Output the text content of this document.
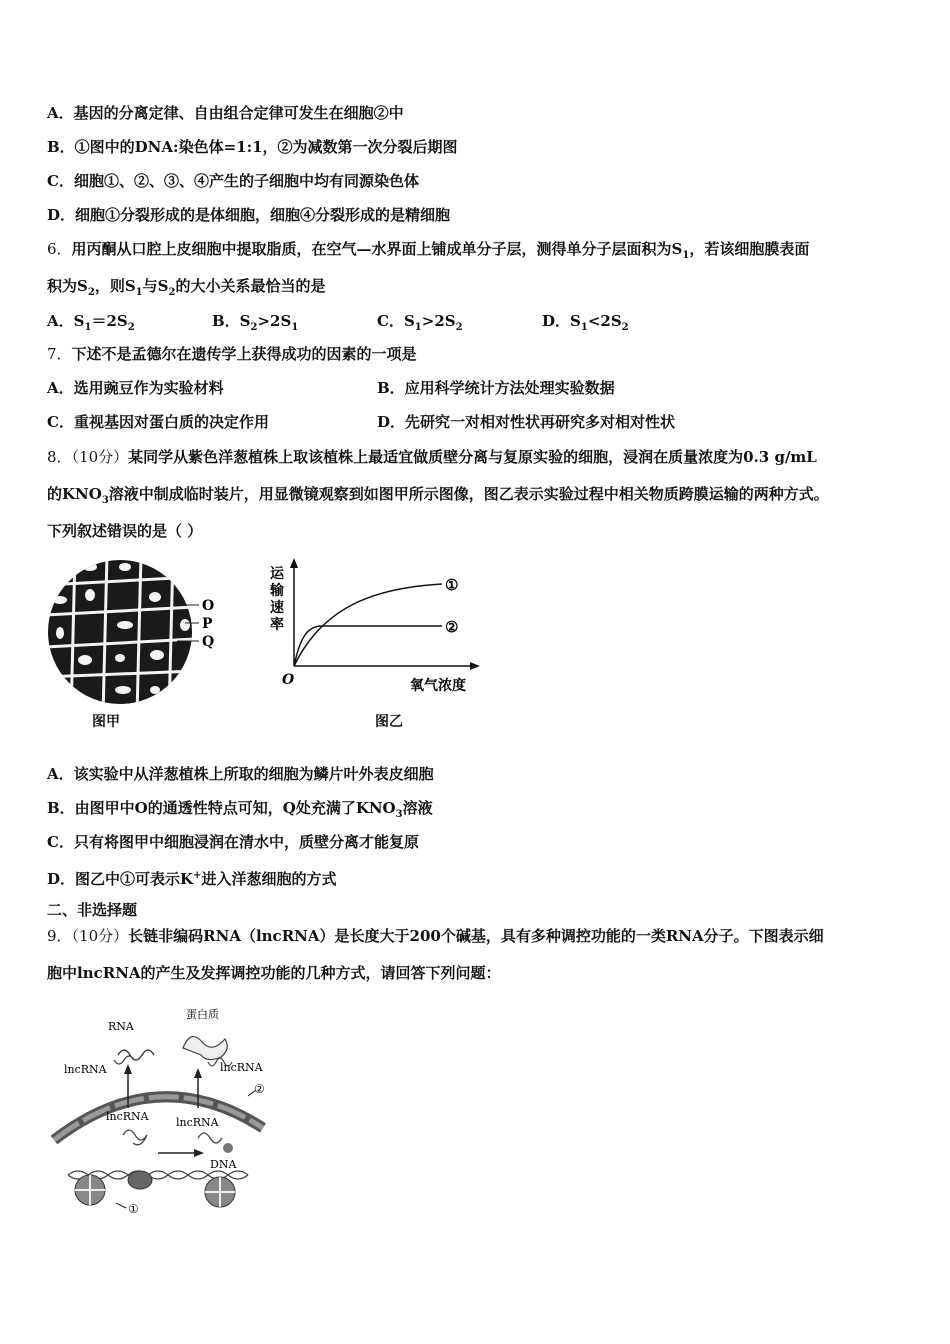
A．基因的分离定律、自由组合定律可发生在细胞②中
B．①图中的DNA:染色体=1:1，②为减数第一次分裂后期图
C．细胞①、②、③、④产生的子细胞中均有同源染色体
D．细胞①分裂形成的是体细胞，细胞④分裂形成的是精细胞
6．用丙酮从口腔上皮细胞中提取脂质，在空气—水界面上铺成单分子层，测得单分子层面积为$S_1$，若该细胞膜表面
积为$S_2$，则$S_1$与$S_2$的大小关系最恰当的是
A．$S_1=2S_2$	B．$S_2>2S_1$	C．$S_1>2S_2$	D．$S_1<2S_2$
7．下述不是孟德尔在遗传学上获得成功的因素的一项是
A．选用豌豆作为实验材料	B．应用科学统计方法处理实验数据
C．重视基因对蛋白质的决定作用	D．先研究一对相对性状再研究多对相对性状
8．（10分）某同学从紫色洋葱植株上取该植株上最适宜做质壁分离与复原实验的细胞，浸润在质量浓度为0.3 g/mL
的$KNO_3$溶液中制成临时装片，用显微镜观察到如图甲所示图像，图乙表示实验过程中相关物质跨膜运输的两种方式。
下列叙述错误的是（ ）
O
P
Q
图甲
运
输
速
率
①
②
O	氧气浓度
图乙
A．该实验中从洋葱植株上所取的细胞为鳞片叶外表皮细胞
B．由图甲中O的通透性特点可知，Q处充满了$KNO_3$溶液
C．只有将图甲中细胞浸润在清水中，质壁分离才能复原
D．图乙中①可表示K+进入洋葱细胞的方式
二、非选择题
9．（10分）长链非编码RNA（lncRNA）是长度大于200个碱基，具有多种调控功能的一类RNA分子。下图表示细
胞中lncRNA的产生及发挥调控功能的几种方式，请回答下列问题：
RNA
蛋白质
lncRNA	lncRNA
lncRNA lncRNA
DNA
①
②
